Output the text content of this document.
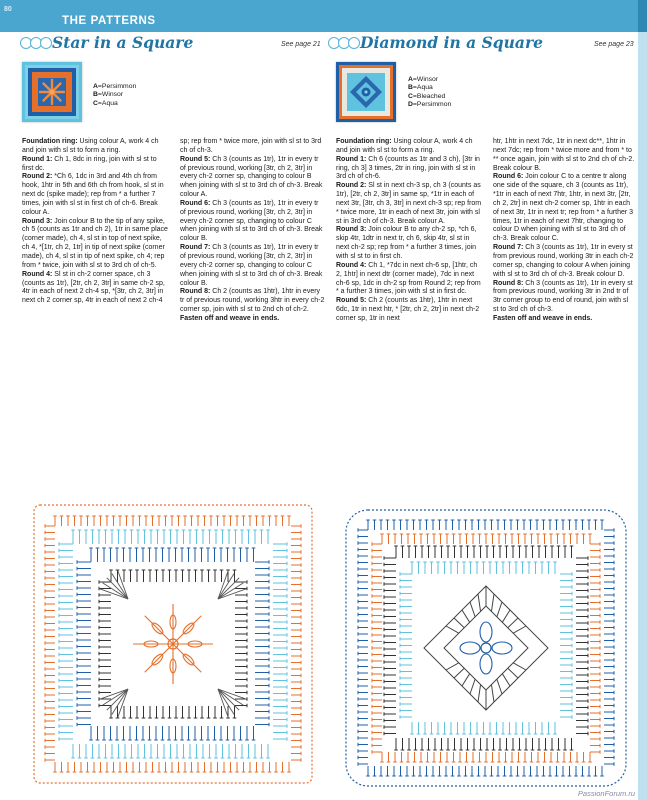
80
THE PATTERNS
Star in a Square	See page 21	Diamond in a Square	See page 23
A=Persimmon
B=Winsor
C=Aqua
A=Winsor
B=Aqua
C=Bleached
D=Persimmon

Foundation ring: Using colour A, work 4 ch and join with sl st to form a ring.

Round 1: Ch 1, 8dc in ring, join with sl st to first dc.

Round 2: *Ch 6, 1dc in 3rd and 4th ch from hook, 1htr in 5th and 6th ch from hook, sl st in next dc (spike made); rep from * a further 7 times, join with sl st in first ch of ch-6. Break colour A.

Round 3: Join colour B to the tip of any spike, ch 5 (counts as 1tr and ch 2), 1tr in same place (corner made), ch 4, sl st in top of next spike, ch 4, *[1tr, ch 2, 1tr] in tip of next spike (corner made), ch 4, sl st in tip of next spike, ch 4; rep from * twice, join with sl st to 3rd ch of ch-5.

Round 4: Sl st in ch-2 corner space, ch 3 (counts as 1tr), [2tr, ch 2, 3tr] in same ch-2 sp, 4tr in each of next 2 ch-4 sp, *[3tr, ch 2, 3tr] in next ch 2 corner sp, 4tr in each of next 2 ch-4

sp; rep from * twice more, join with sl st to 3rd ch of ch-3.

Round 5: Ch 3 (counts as 1tr), 1tr in every tr of previous round, working [3tr, ch 2, 3tr] in every ch-2 corner sp, changing to colour B when joining with sl st to 3rd ch of ch-3. Break colour A.

Round 6: Ch 3 (counts as 1tr), 1tr in every tr of previous round, working [3tr, ch 2, 3tr] in every ch-2 corner sp, changing to colour C when joining with sl st to 3rd ch of ch-3. Break colour B.

Round 7: Ch 3 (counts as 1tr), 1tr in every tr of previous round, working [3tr, ch 2, 3tr] in every ch-2 corner sp, changing to colour C when joining with sl st to 3rd ch of ch-3. Break colour B.

Round 8: Ch 2 (counts as 1htr), 1htr in every tr of previous round, working 3htr in every ch-2 corner sp, join with sl st to 2nd ch of ch-2.

Fasten off and weave in ends.

Foundation ring: Using colour A, work 4 ch and join with sl st to form a ring.

Round 1: Ch 6 (counts as 1tr and 3 ch), [3tr in ring, ch 3] 3 times, 2tr in ring, join with sl st in 3rd ch of ch-6.

Round 2: Sl st in next ch-3 sp, ch 3 (counts as 1tr), [2tr, ch 2, 3tr] in same sp, *1tr in each of next 3tr, [3tr, ch 3, 3tr] in next ch-3 sp; rep from * twice more, 1tr in each of next 3tr, join with sl st in 3rd ch of ch-3. Break colour A.

Round 3: Join colour B to any ch-2 sp, *ch 6, skip 4tr, 1dtr in next tr, ch 6, skip 4tr, sl st in next ch-2 sp; rep from * a further 3 times, join with sl st to in first ch.

Round 4: Ch 1, *7dc in next ch-6 sp, [1htr, ch 2, 1htr] in next dtr (corner made), 7dc in next ch-6 sp, 1dc in ch-2 sp from Round 2; rep from * a further 3 times, join with sl st in first dc.

Round 5: Ch 2 (counts as 1htr), 1htr in next 6dc, 1tr in next htr, * [2tr, ch 2, 2tr] in next ch-2 corner sp, 1tr in next

htr, 1htr in next 7dc, 1tr in next dc**, 1htr in next 7dc; rep from * twice more and from * to ** once again, join with sl st to 2nd ch of ch-2. Break colour B.

Round 6: Join colour C to a centre tr along one side of the square, ch 3 (counts as 1tr), *1tr in each of next 7htr, 1htr, in next 3tr, [2tr, ch 2, 2tr] in next ch-2 corner sp, 1htr in each of next 3tr, 1tr in next tr; rep from * a further 3 times, 1tr in each of next 7htr, changing to colour D when joining with sl st to 3rd ch of ch-3. Break colour C.

Round 7: Ch 3 (counts as 1tr), 1tr in every st from previous round, working 3tr in each ch-2 corner sp, changing to colour A when joining with sl st to 3rd ch of ch-3. Break colour D.

Round 8: Ch 3 (counts as 1tr), 1tr in every st from previous round, working 3tr in 2nd tr of 3tr corner group to end of round, join with sl st to 3rd ch of ch-3.

Fasten off and weave in ends.

PassionForum.ru
